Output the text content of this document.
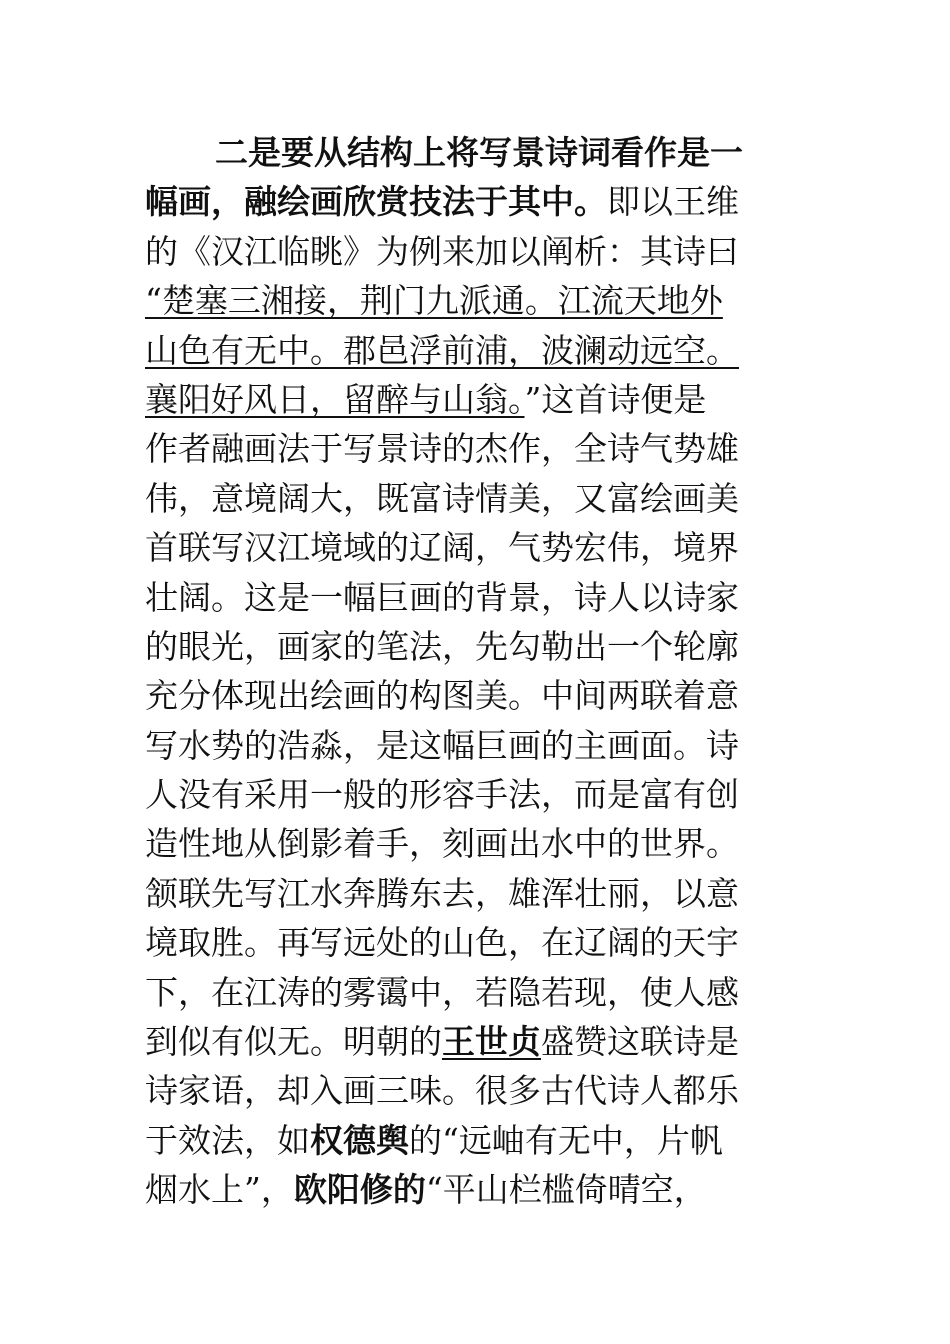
二是要从结构上将写景诗词看作是一
幅画，融绘画欣赏技法于其中。即以王维
的《汉江临眺》为例来加以阐析：其诗曰
“楚塞三湘接，荆门九派通。江流天地外
山色有无中。郡邑浮前浦，波澜动远空。
襄阳好风日，留醉与山翁。”这首诗便是
作者融画法于写景诗的杰作，全诗气势雄
伟，意境阔大，既富诗情美，又富绘画美
首联写汉江境域的辽阔，气势宏伟，境界
壮阔。这是一幅巨画的背景，诗人以诗家
的眼光，画家的笔法，先勾勒出一个轮廓
充分体现出绘画的构图美。中间两联着意
写水势的浩淼，是这幅巨画的主画面。诗
人没有采用一般的形容手法，而是富有创
造性地从倒影着手，刻画出水中的世界。
颔联先写江水奔腾东去，雄浑壮丽，以意
境取胜。再写远处的山色，在辽阔的天宇
下，在江涛的雾霭中，若隐若现，使人感
到似有似无。明朝的王世贞盛赞这联诗是
诗家语，却入画三味。很多古代诗人都乐
于效法，如权德舆的“远岫有无中，片帆
烟水上”，欧阳修的“平山栏槛倚晴空，
